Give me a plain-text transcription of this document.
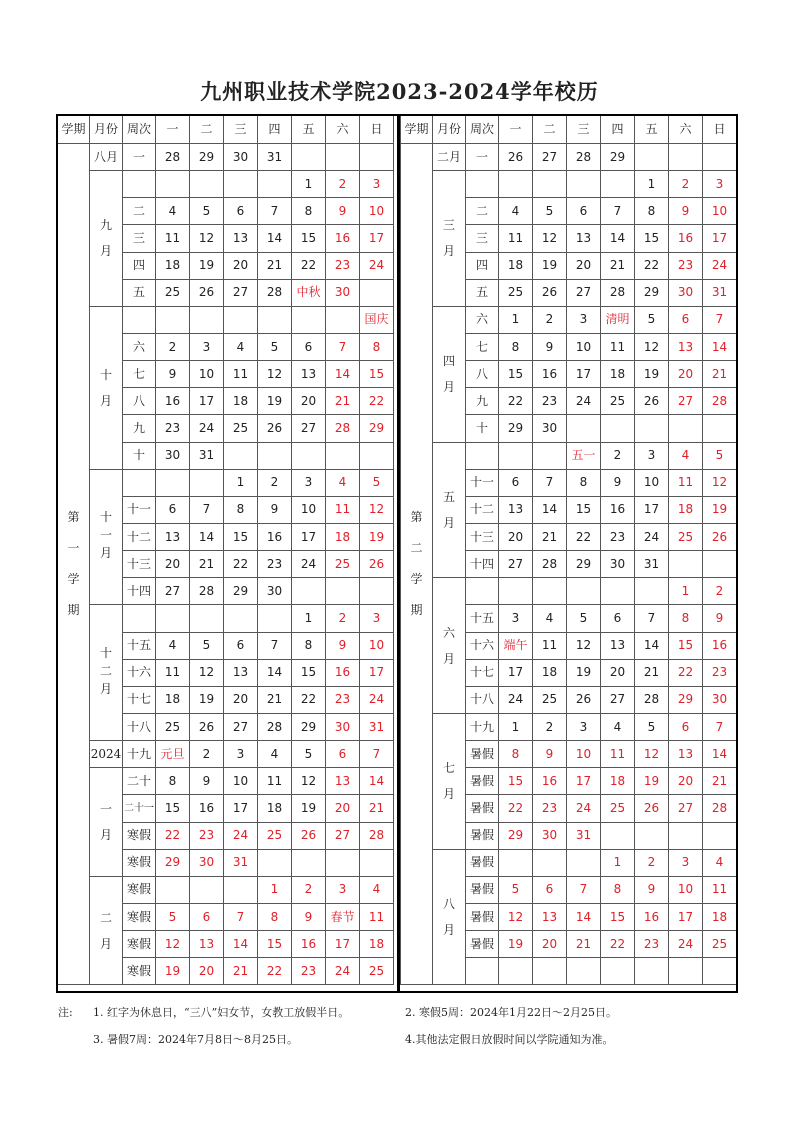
九州职业技术学院2023-2024学年校历
学期	月份	周次	一	二	三	四	五	六	日
第一学期	八月	一	28	29	30	31			
	九月						1	2	3
		二	4	5	6	7	8	9	10
		三	11	12	13	14	15	16	17
		四	18	19	20	21	22	23	24
		五	25	26	27	28	中秋	30	
	十月								国庆
		六	2	3	4	5	6	7	8
		七	9	10	11	12	13	14	15
		八	16	17	18	19	20	21	22
		九	23	24	25	26	27	28	29
		十	30	31					
	十一月				1	2	3	4	5
		十一	6	7	8	9	10	11	12
		十二	13	14	15	16	17	18	19
		十三	20	21	22	23	24	25	26
		十四	27	28	29	30			
	十二月						1	2	3
		十五	4	5	6	7	8	9	10
		十六	11	12	13	14	15	16	17
		十七	18	19	20	21	22	23	24
		十八	25	26	27	28	29	30	31
	2024	十九	元旦	2	3	4	5	6	7
	一月	二十	8	9	10	11	12	13	14
		二十一	15	16	17	18	19	20	21
		寒假	22	23	24	25	26	27	28
		寒假	29	30	31				
	二月	寒假				1	2	3	4
		寒假	5	6	7	8	9	春节	11
		寒假	12	13	14	15	16	17	18
		寒假	19	20	21	22	23	24	25
学期	月份	周次	一	二	三	四	五	六	日	
第二学期	二月	一	26	27	28	29				
	三月						1	2	3	
		二	4	5	6	7	8	9	10	
		三	11	12	13	14	15	16	17	
		四	18	19	20	21	22	23	24	
		五	25	26	27	28	29	30	31	
	四月	六	1	2	3	清明	5	6	7	
		七	8	9	10	11	12	13	14	
		八	15	16	17	18	19	20	21	
		九	22	23	24	25	26	27	28	
		十	29	30						
	五月				五一	2	3	4	5	
		十一	6	7	8	9	10	11	12	
		十二	13	14	15	16	17	18	19	
		十三	20	21	22	23	24	25	26	
		十四	27	28	29	30	31			
	六月							1	2	
		十五	3	4	5	6	7	8	9	
		十六	端午	11	12	13	14	15	16	
		十七	17	18	19	20	21	22	23	
		十八	24	25	26	27	28	29	30	
	七月	十九	1	2	3	4	5	6	7	
		暑假	8	9	10	11	12	13	14	
		暑假	15	16	17	18	19	20	21	
		暑假	22	23	24	25	26	27	28	
		暑假	29	30	31					
	八月	暑假				1	2	3	4	
		暑假	5	6	7	8	9	10	11	
		暑假	12	13	14	15	16	17	18	
		暑假	19	20	21	22	23	24	25	

注: 1. 红字为休息日，“三八”妇女节，女教工放假半日。	2. 寒假5周：2024年1月22日～2月25日。
3. 暑假7周：2024年7月8日～8月25日。	4.其他法定假日放假时间以学院通知为准。
